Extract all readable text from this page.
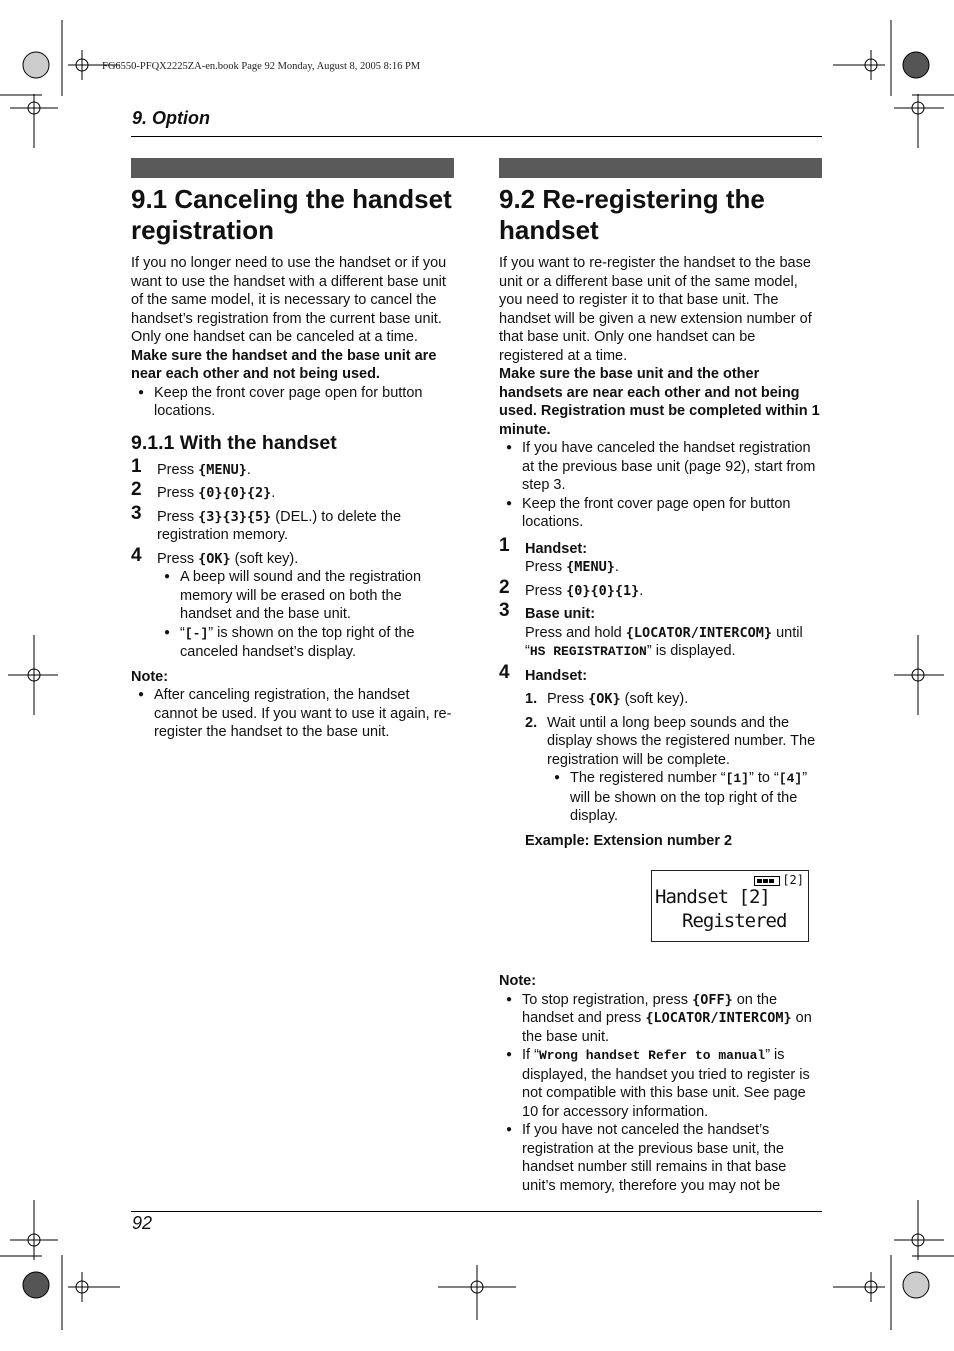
FG6550-PFQX2225ZA-en.book Page 92 Monday, August 8, 2005 8:16 PM
9. Option
92
9.1 Canceling the handset registration

If you no longer need to use the handset or if you want to use the handset with a different base unit of the same model, it is necessary to cancel the handset’s registration from the current base unit. Only one handset can be canceled at a time.

Make sure the handset and the base unit are near each other and not being used.

● Keep the front cover page open for button locations.

9.1.1 With the handset
1 Press {MENU}.
2 Press {0}{0}{2}.
3 Press {3}{3}{5} (DEL.) to delete the registration memory.
4 Press {OK} (soft key).

● A beep will sound and the registration memory will be erased on both the handset and the base unit.

● “[-]” is shown on the top right of the canceled handset’s display.

Note:

● After canceling registration, the handset cannot be used. If you want to use it again, re-register the handset to the base unit.

9.2 Re-registering the handset

If you want to re-register the handset to the base unit or a different base unit of the same model, you need to register it to that base unit. The handset will be given a new extension number of that base unit. Only one handset can be registered at a time.

Make sure the base unit and the other handsets are near each other and not being used. Registration must be completed within 1 minute.

● If you have canceled the handset registration at the previous base unit (page 92), start from step 3.

● Keep the front cover page open for button locations.

1 Handset:

Press {MENU}.

2 Press {0}{0}{1}.
3 Base unit:

Press and hold {LOCATOR/INTERCOM} until “HS REGISTRATION” is displayed.

4 Handset:

1. Press {OK} (soft key).
2. Wait until a long beep sounds and the display shows the registered number. The registration will be complete.

● The registered number “[1]” to “[4]” will be shown on the top right of the display.

Example: Extension number 2

[2]
Handset [2]
Registered

Note:

● To stop registration, press {OFF} on the handset and press {LOCATOR/INTERCOM} on the base unit.

● If “Wrong handset Refer to manual” is displayed, the handset you tried to register is not compatible with this base unit. See page 10 for accessory information.

● If you have not canceled the handset’s registration at the previous base unit, the handset number still remains in that base unit’s memory, therefore you may not be
